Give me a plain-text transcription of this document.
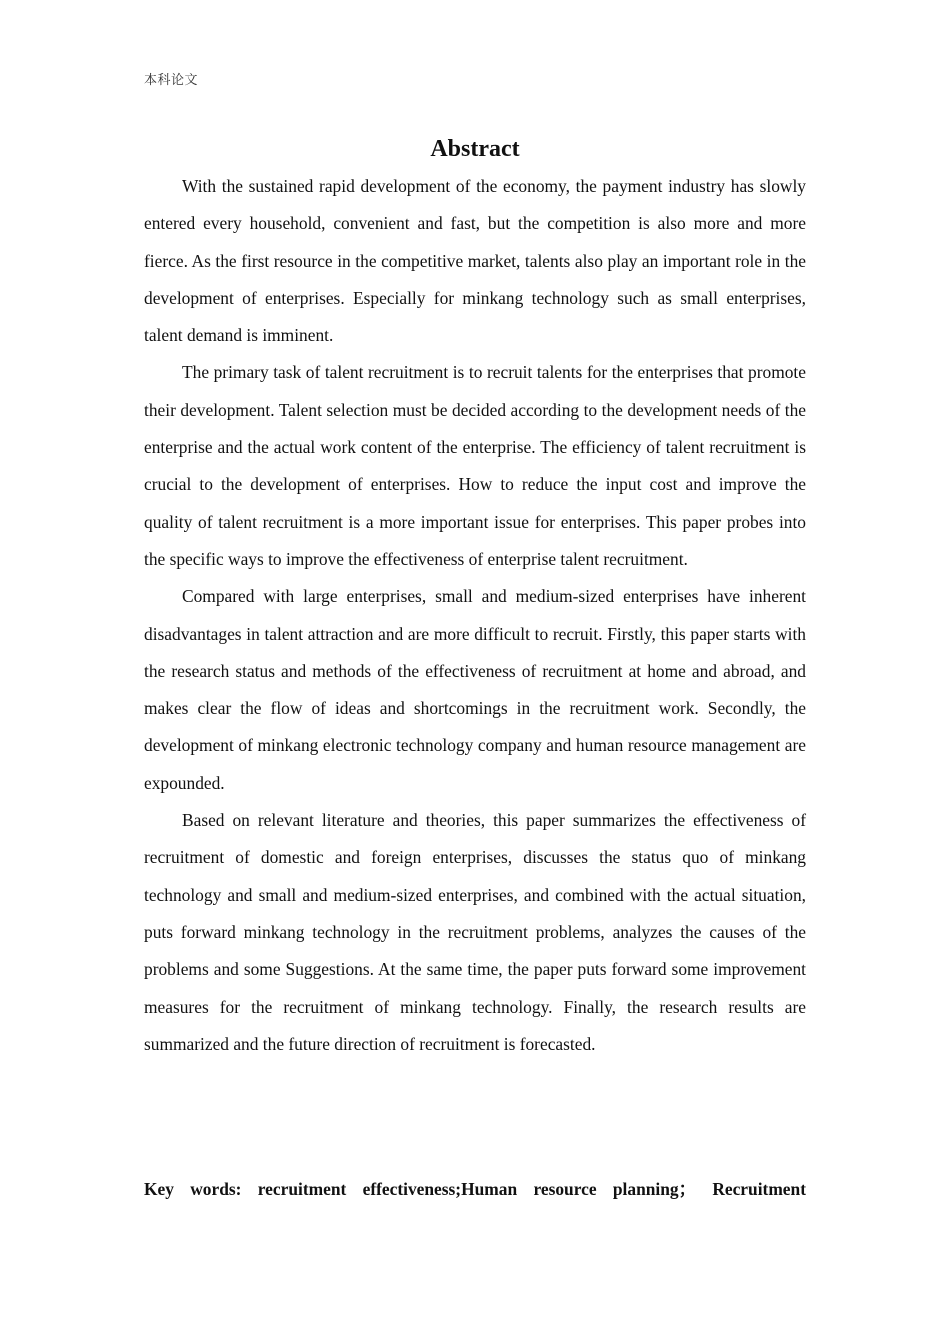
本科论文
Abstract

With the sustained rapid development of the economy, the payment industry has slowly entered every household, convenient and fast, but the competition is also more and more fierce. As the first resource in the competitive market, talents also play an important role in the development of enterprises. Especially for minkang technology such as small enterprises, talent demand is imminent.

The primary task of talent recruitment is to recruit talents for the enterprises that promote their development. Talent selection must be decided according to the development needs of the enterprise and the actual work content of the enterprise. The efficiency of talent recruitment is crucial to the development of enterprises. How to reduce the input cost and improve the quality of talent recruitment is a more important issue for enterprises. This paper probes into the specific ways to improve the effectiveness of enterprise talent recruitment.

Compared with large enterprises, small and medium-sized enterprises have inherent disadvantages in talent attraction and are more difficult to recruit. Firstly, this paper starts with the research status and methods of the effectiveness of recruitment at home and abroad, and makes clear the flow of ideas and shortcomings in the recruitment work. Secondly, the development of minkang electronic technology company and human resource management are expounded.

Based on relevant literature and theories, this paper summarizes the effectiveness of recruitment of domestic and foreign enterprises, discusses the status quo of minkang technology and small and medium-sized enterprises, and combined with the actual situation, puts forward minkang technology in the recruitment problems, analyzes the causes of the problems and some Suggestions. At the same time, the paper puts forward some improvement measures for the recruitment of minkang technology. Finally, the research results are summarized and the future direction of recruitment is forecasted.

Key words: recruitment effectiveness;Human resource planning； Recruitment
